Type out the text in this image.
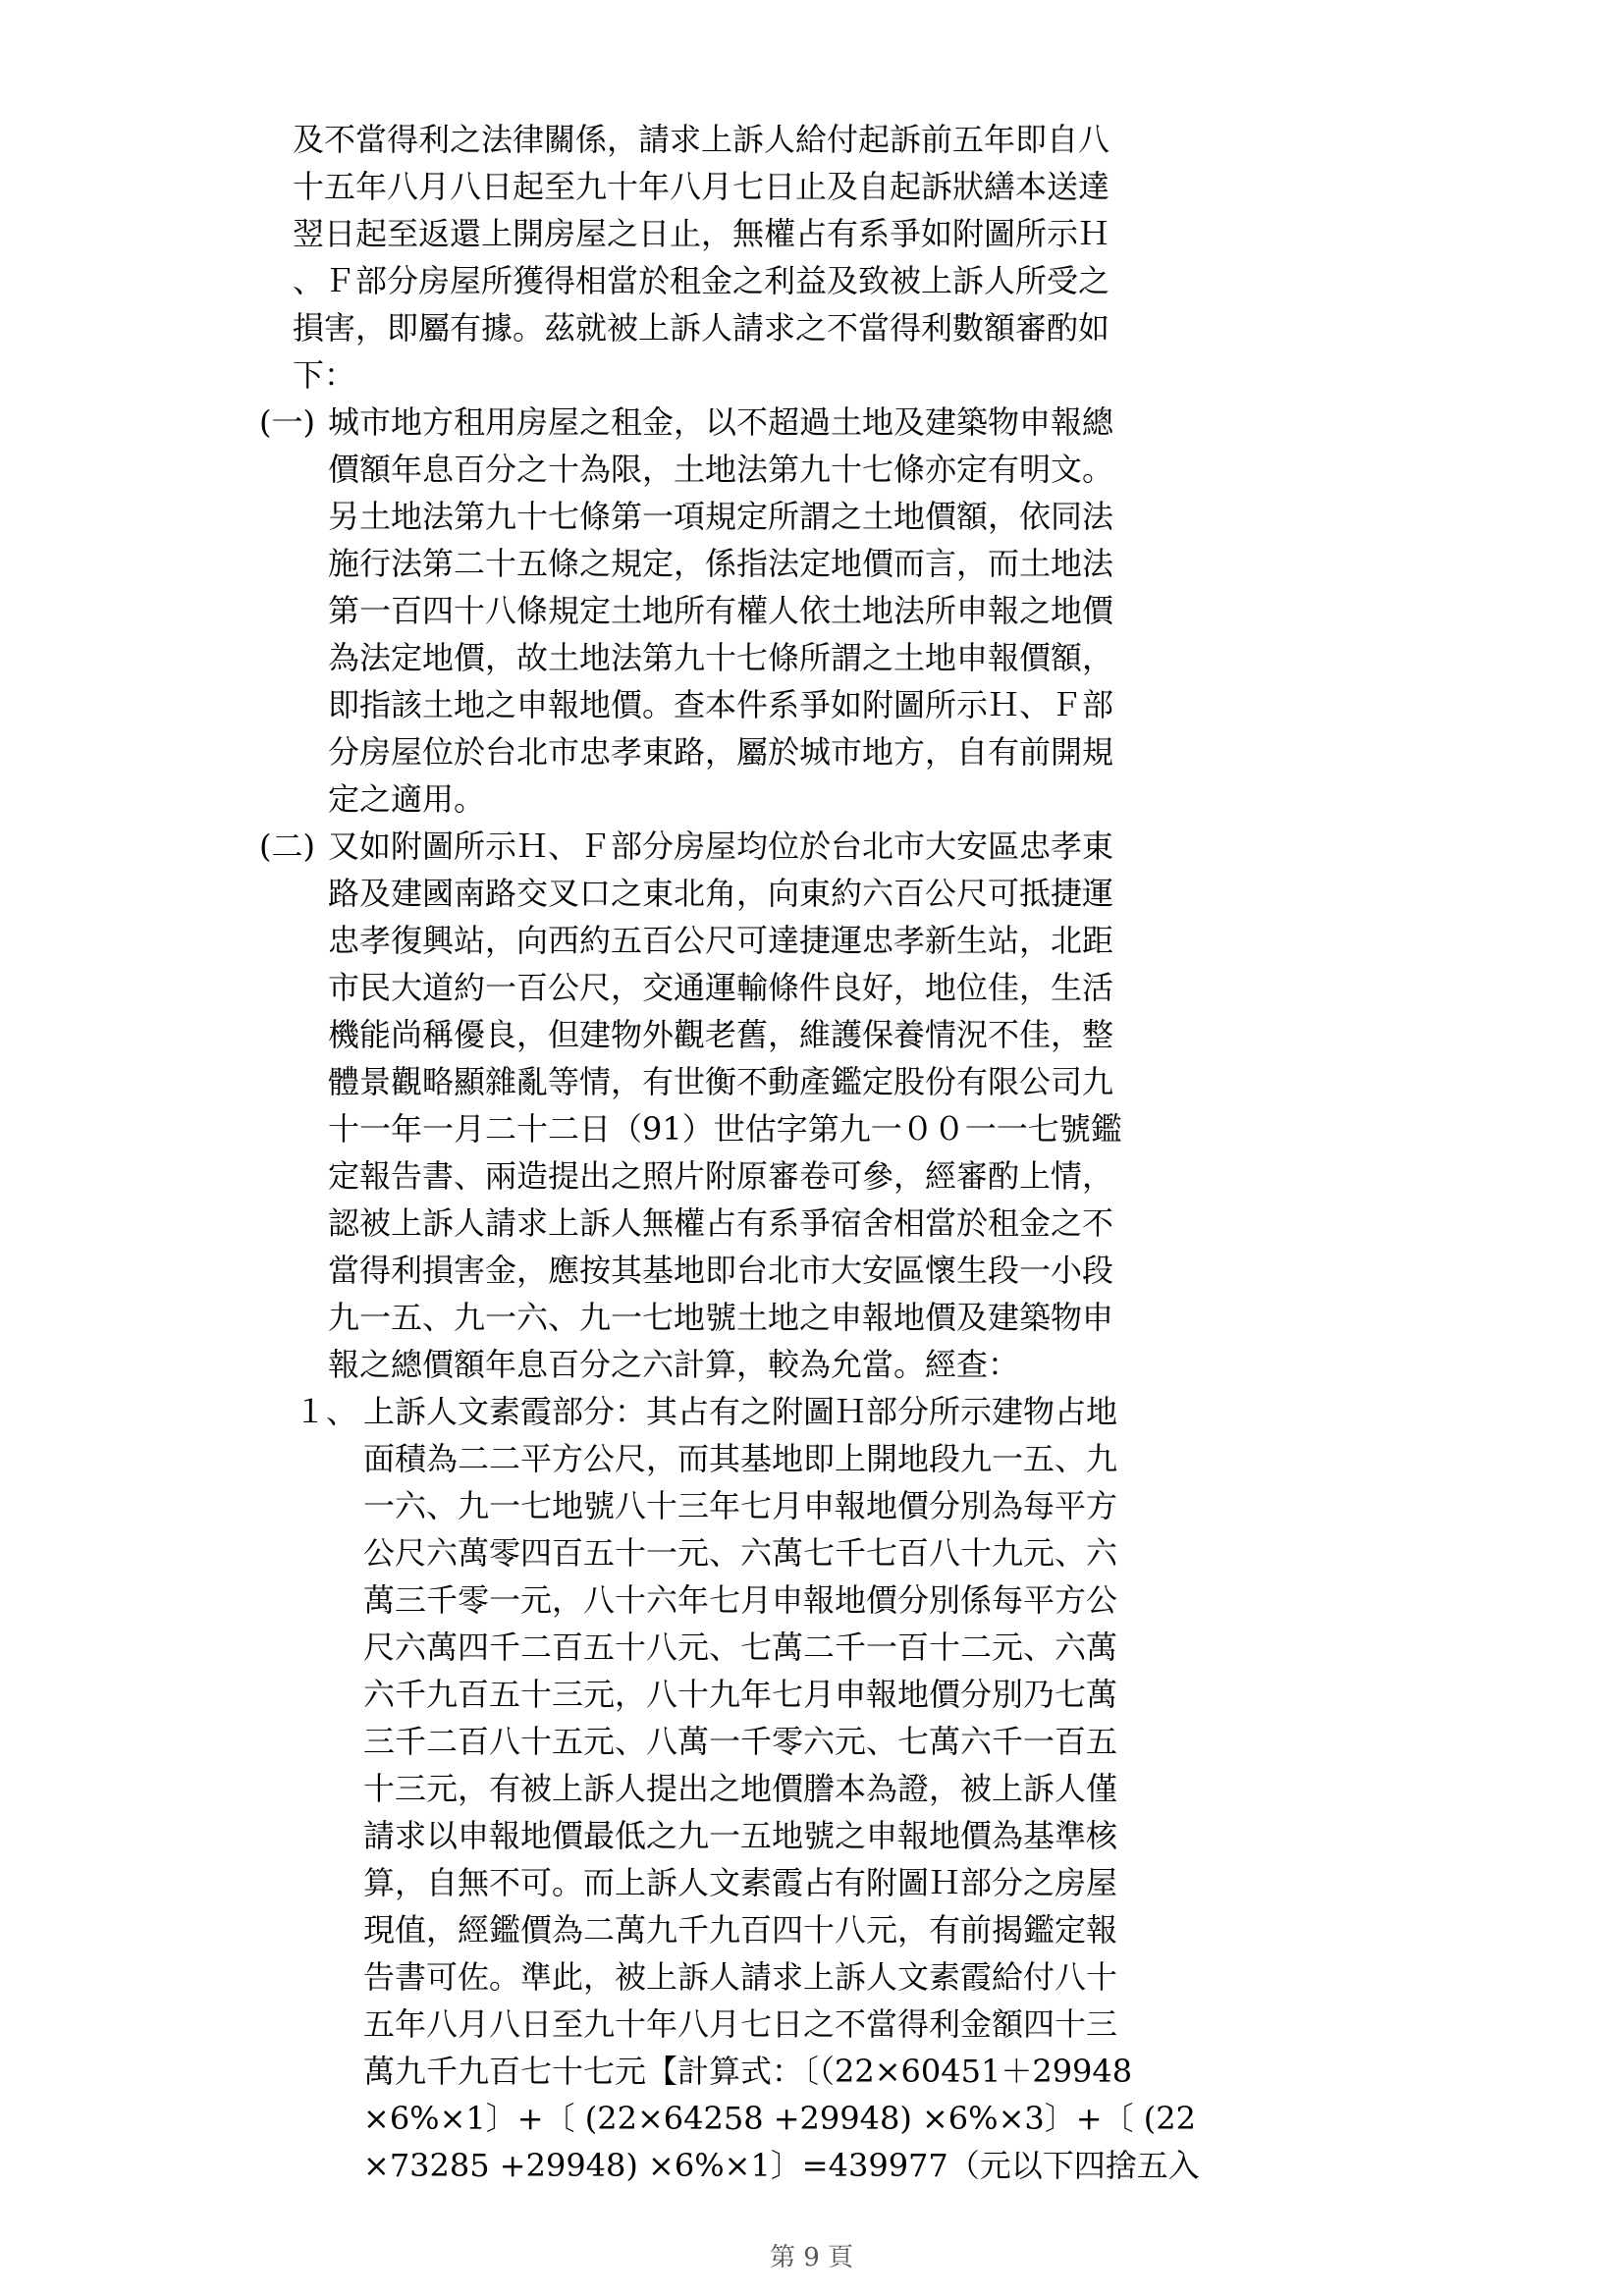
及不當得利之法律關係，請求上訴人給付起訴前五年即自八
十五年八月八日起至九十年八月七日止及自起訴狀繕本送達
翌日起至返還上開房屋之日止，無權占有系爭如附圖所示Ｈ
、Ｆ部分房屋所獲得相當於租金之利益及致被上訴人所受之
損害，即屬有據。茲就被上訴人請求之不當得利數額審酌如
下：
(一) 城市地方租用房屋之租金，以不超過土地及建築物申報總
價額年息百分之十為限，土地法第九十七條亦定有明文。
另土地法第九十七條第一項規定所謂之土地價額，依同法
施行法第二十五條之規定，係指法定地價而言，而土地法
第一百四十八條規定土地所有權人依土地法所申報之地價
為法定地價，故土地法第九十七條所謂之土地申報價額，
即指該土地之申報地價。查本件系爭如附圖所示Ｈ、Ｆ部
分房屋位於台北市忠孝東路，屬於城市地方，自有前開規
定之適用。
(二) 又如附圖所示Ｈ、Ｆ部分房屋均位於台北市大安區忠孝東
路及建國南路交叉口之東北角，向東約六百公尺可抵捷運
忠孝復興站，向西約五百公尺可達捷運忠孝新生站，北距
市民大道約一百公尺，交通運輸條件良好，地位佳，生活
機能尚稱優良，但建物外觀老舊，維護保養情況不佳，整
體景觀略顯雜亂等情，有世衡不動產鑑定股份有限公司九
十一年一月二十二日（91）世估字第九一００一一七號鑑
定報告書、兩造提出之照片附原審卷可參，經審酌上情，
認被上訴人請求上訴人無權占有系爭宿舍相當於租金之不
當得利損害金，應按其基地即台北市大安區懷生段一小段
九一五、九一六、九一七地號土地之申報地價及建築物申
報之總價額年息百分之六計算，較為允當。經查：
１、 上訴人文素霞部分：其占有之附圖Ｈ部分所示建物占地
面積為二二平方公尺，而其基地即上開地段九一五、九
一六、九一七地號八十三年七月申報地價分別為每平方
公尺六萬零四百五十一元、六萬七千七百八十九元、六
萬三千零一元，八十六年七月申報地價分別係每平方公
尺六萬四千二百五十八元、七萬二千一百十二元、六萬
六千九百五十三元，八十九年七月申報地價分別乃七萬
三千二百八十五元、八萬一千零六元、七萬六千一百五
十三元，有被上訴人提出之地價謄本為證，被上訴人僅
請求以申報地價最低之九一五地號之申報地價為基準核
算，自無不可。而上訴人文素霞占有附圖Ｈ部分之房屋
現值，經鑑價為二萬九千九百四十八元，有前揭鑑定報
告書可佐。準此，被上訴人請求上訴人文素霞給付八十
五年八月八日至九十年八月七日之不當得利金額四十三
萬九千九百七十七元【計算式：〔（22×60451＋29948
×6%×1〕+〔 (22×64258 +29948) ×6%×3〕+〔 (22
×73285 +29948) ×6%×1〕=439977（元以下四捨五入
第 9 頁
